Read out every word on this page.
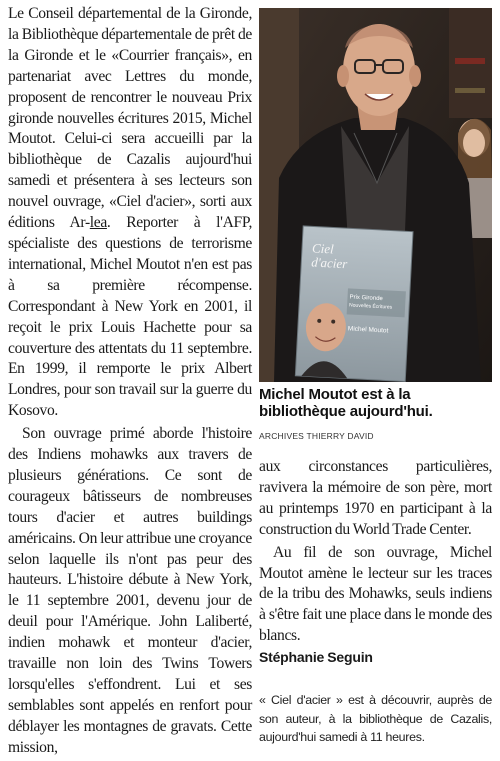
Le Conseil départemental de la Gironde, la Bibliothèque départementale de prêt de la Gironde et le «Courrier français», en partenariat avec Lettres du monde, proposent de rencontrer le nouveau Prix gironde nouvelles écritures 2015, Michel Moutot. Celui-ci sera accueilli par la bibliothèque de Cazalis aujourd'hui samedi et présentera à ses lecteurs son nouvel ouvrage, «Ciel d'acier», sorti aux éditions Ar-lea. Reporter à l'AFP, spécialiste des questions de terrorisme international, Michel Moutot n'en est pas à sa première récompense. Correspondant à New York en 2001, il reçoit le prix Louis Hachette pour sa couverture des attentats du 11 septembre. En 1999, il remporte le prix Albert Londres, pour son travail sur la guerre du Kosovo.

Son ouvrage primé aborde l'histoire des Indiens mohawks aux travers de plusieurs générations. Ce sont de courageux bâtisseurs de nombreuses tours d'acier et autres buildings américains. On leur attribue une croyance selon laquelle ils n'ont pas peur des hauteurs. L'histoire débute à New York, le 11 septembre 2001, devenu jour de deuil pour l'Amérique. John Laliberté, indien mohawk et monteur d'acier, travaille non loin des Twins Towers lorsqu'elles s'effondrent. Lui et ses semblables sont appelés en renfort pour déblayer les montagnes de gravats. Cette mission,

Ciel
d'acier
Prix Gironde
Nouvelles Écritures
Michel Moutot
Michel Moutot est à la bibliothèque aujourd'hui.
ARCHIVES THIERRY DAVID

aux circonstances particulières, ravivera la mémoire de son père, mort au printemps 1970 en participant à la construction du World Trade Center.

Au fil de son ouvrage, Michel Moutot amène le lecteur sur les traces de la tribu des Mohawks, seuls indiens à s'être fait une place dans le monde des blancs.

Stéphanie Seguin
« Ciel d'acier » est à découvrir, auprès de son auteur, à la bibliothèque de Cazalis, aujourd'hui samedi à 11 heures.
